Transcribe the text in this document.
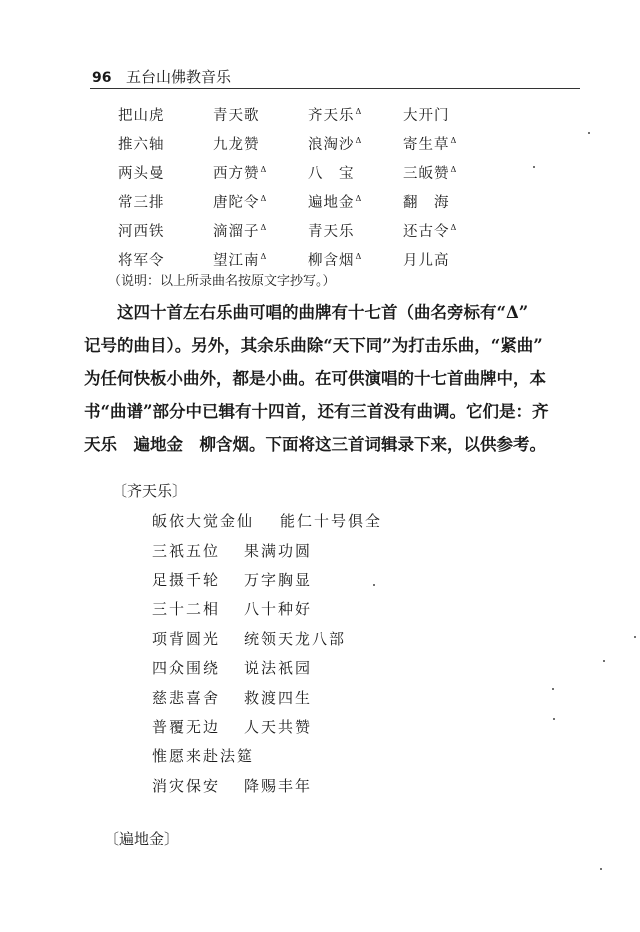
96 五台山佛教音乐
把山虎	青天歌	齐天乐$^\Delta$	大开门
推六轴	九龙赞	浪淘沙$^\Delta$	寄生草$^\Delta$
两头曼	西方赞$^\Delta$	八　宝	三皈赞$^\Delta$
常三排	唐陀令$^\Delta$	遍地金$^\Delta$	翻　海
河西铁	滴溜子$^\Delta$	青天乐	还古令$^\Delta$
将军令	望江南$^\Delta$	柳含烟$^\Delta$	月儿高
（说明：以上所录曲名按原文字抄写。）

这四十首左右乐曲可唱的曲牌有十七首（曲名旁标有“Δ”

记号的曲目）。另外，其余乐曲除“天下同”为打击乐曲，“紧曲”

为任何快板小曲外，都是小曲。在可供演唱的十七首曲牌中，本

书“曲谱”部分中已辑有十四首，还有三首没有曲调。它们是：齐

天乐　遍地金　柳含烟。下面将这三首词辑录下来，以供参考。

〔齐天乐〕
皈依大觉金仙	能仁十号俱全
三祇五位	果满功圆
足摄千轮	万字胸显
三十二相	八十种好
项背圆光	统领天龙八部
四众围绕	说法祇园
慈悲喜舍	救渡四生
普覆无边	人天共赞
惟愿来赴法筵
消灾保安	降赐丰年
〔遍地金〕
